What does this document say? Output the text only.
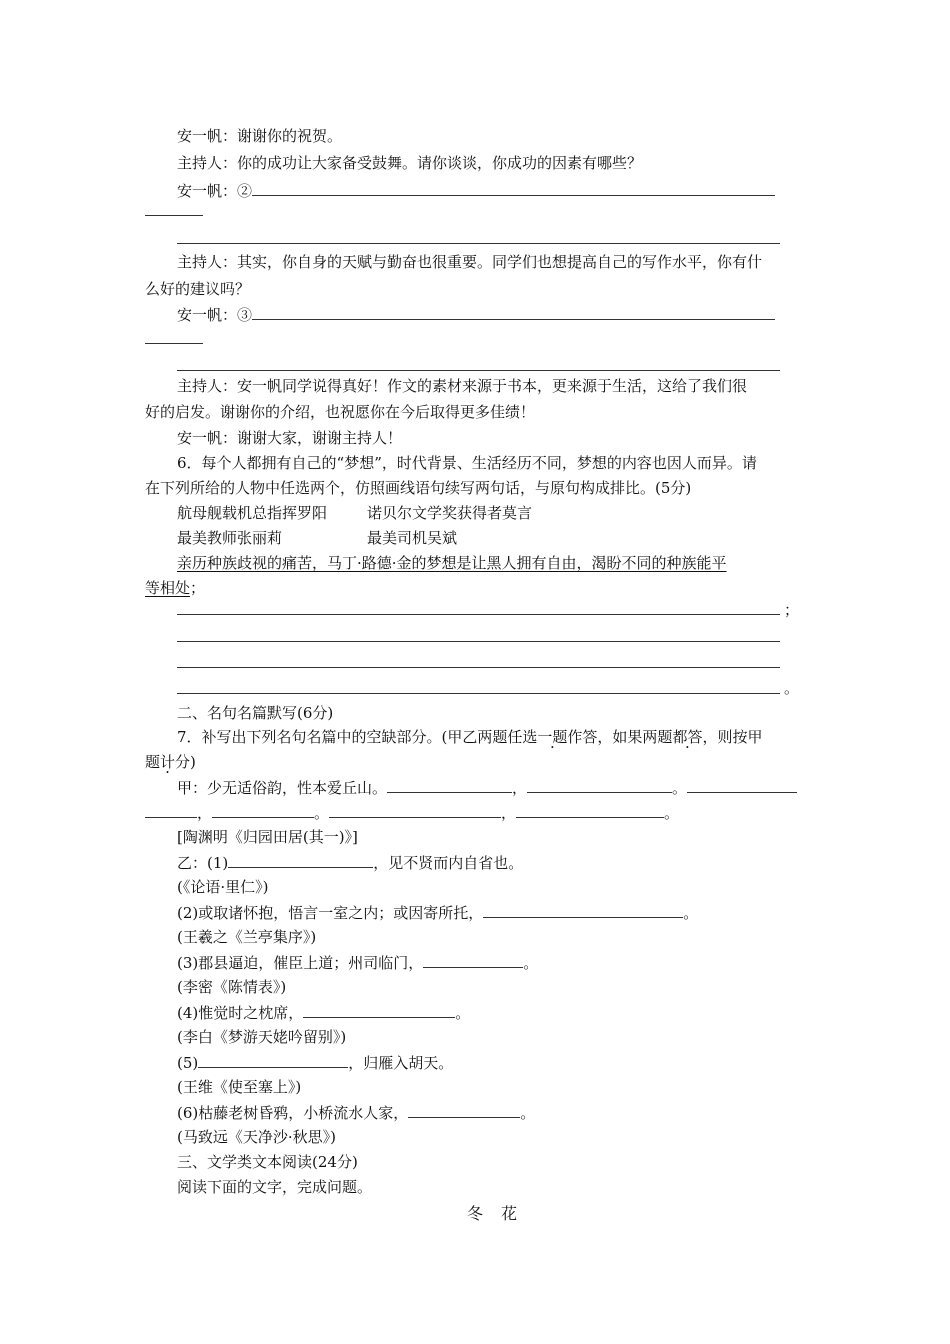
安一帆：谢谢你的祝贺。
主持人：你的成功让大家备受鼓舞。请你谈谈，你成功的因素有哪些？
安一帆：②
主持人：其实，你自身的天赋与勤奋也很重要。同学们也想提高自己的写作水平，你有什
么好的建议吗？
安一帆：③
主持人：安一帆同学说得真好！作文的素材来源于书本，更来源于生活，这给了我们很
好的启发。谢谢你的介绍，也祝愿你在今后取得更多佳绩！
安一帆：谢谢大家，谢谢主持人！
6．每个人都拥有自己的“梦想”，时代背景、生活经历不同，梦想的内容也因人而异。请
在下列所给的人物中任选两个，仿照画线语句续写两句话，与原句构成排比。(5分)
航母舰载机总指挥罗阳	诺贝尔文学奖获得者莫言
最美教师张丽莉	最美司机吴斌
亲历种族歧视的痛苦，马丁·路德·金的梦想是让黑人拥有自由，渴盼不同的种族能平
等相处；
；
。
二、名句名篇默写(6分)
7．补写出下列名句名篇中的空缺部分。(甲乙两题任选一题作答 ·，如果两题都答，则按甲
题计分)
甲：少无适俗韵，性本爱丘山。	，	。
，	。	，	。
[陶渊明《归园田居(其一)》]
乙：(1)	，见不贤而内自省也。
(《论语·里仁》)
(2)或取诸怀抱，悟言一室之内；或因寄所托，	。
(王羲之《兰亭集序》)
(3)郡县逼迫，催臣上道；州司临门，	。
(李密《陈情表》)
(4)惟觉时之枕席，	。
(李白《梦游天姥吟留别》)
(5)	，归雁入胡天。
(王维《使至塞上》)
(6)枯藤老树昏鸦，小桥流水人家，	。
(马致远《天净沙·秋思》)
三、文学类文本阅读(24分)
阅读下面的文字，完成问题。
冬花
